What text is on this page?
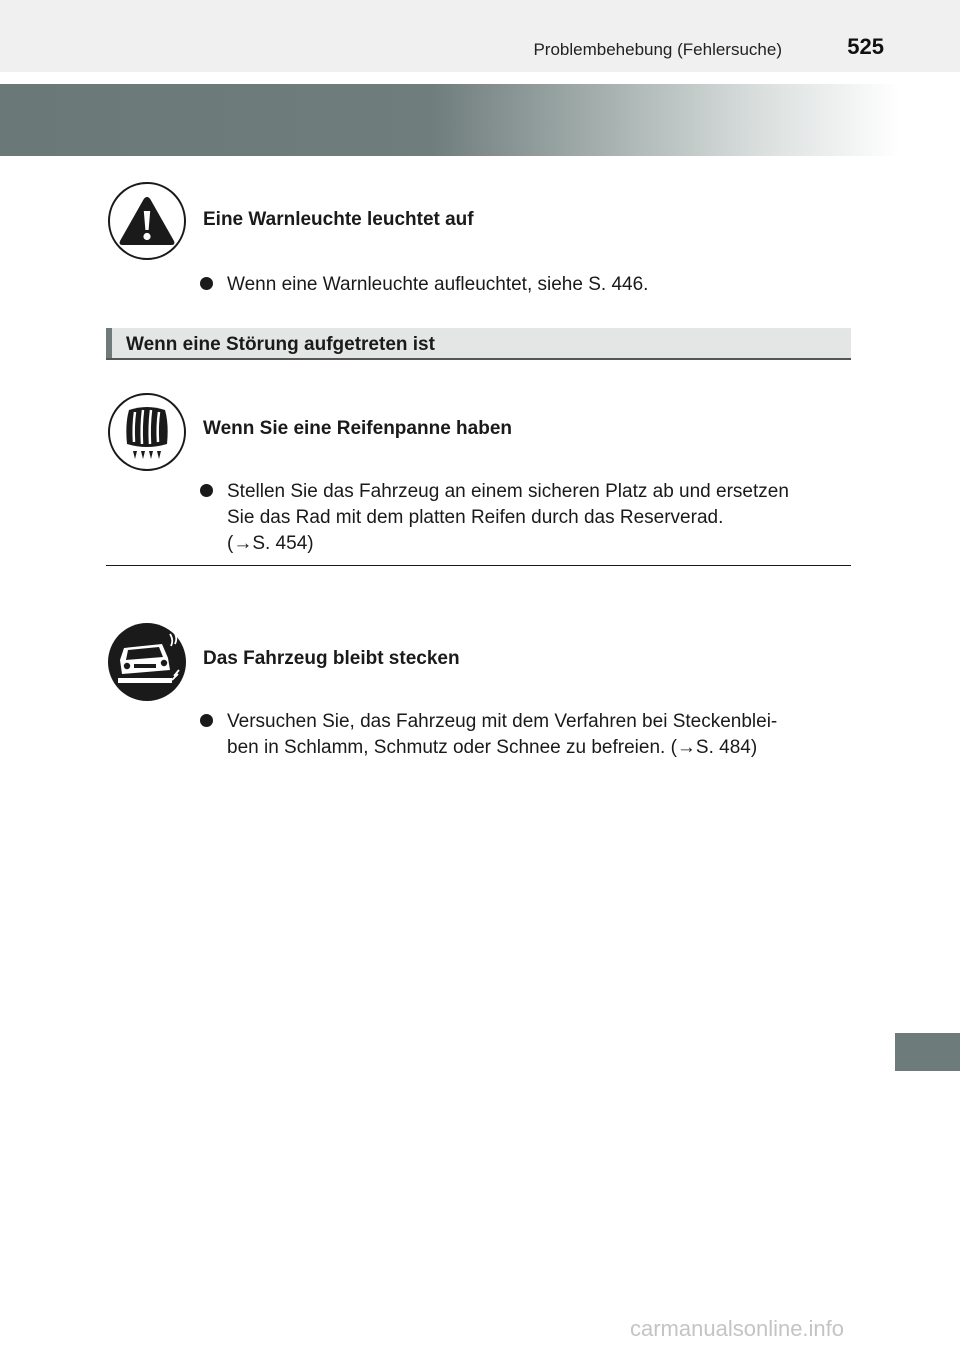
Problembehebung (Fehlersuche)	525
Eine Warnleuchte leuchtet auf
Wenn eine Warnleuchte aufleuchtet, siehe S. 446.
Wenn eine Störung aufgetreten ist
Wenn Sie eine Reifenpanne haben
Stellen Sie das Fahrzeug an einem sicheren Platz ab und ersetzen
Sie das Rad mit dem platten Reifen durch das Reserverad.
(→S. 454)
Das Fahrzeug bleibt stecken
Versuchen Sie, das Fahrzeug mit dem Verfahren bei Steckenblei-
ben in Schlamm, Schmutz oder Schnee zu befreien. (→S. 484)
carmanualsonline.info
